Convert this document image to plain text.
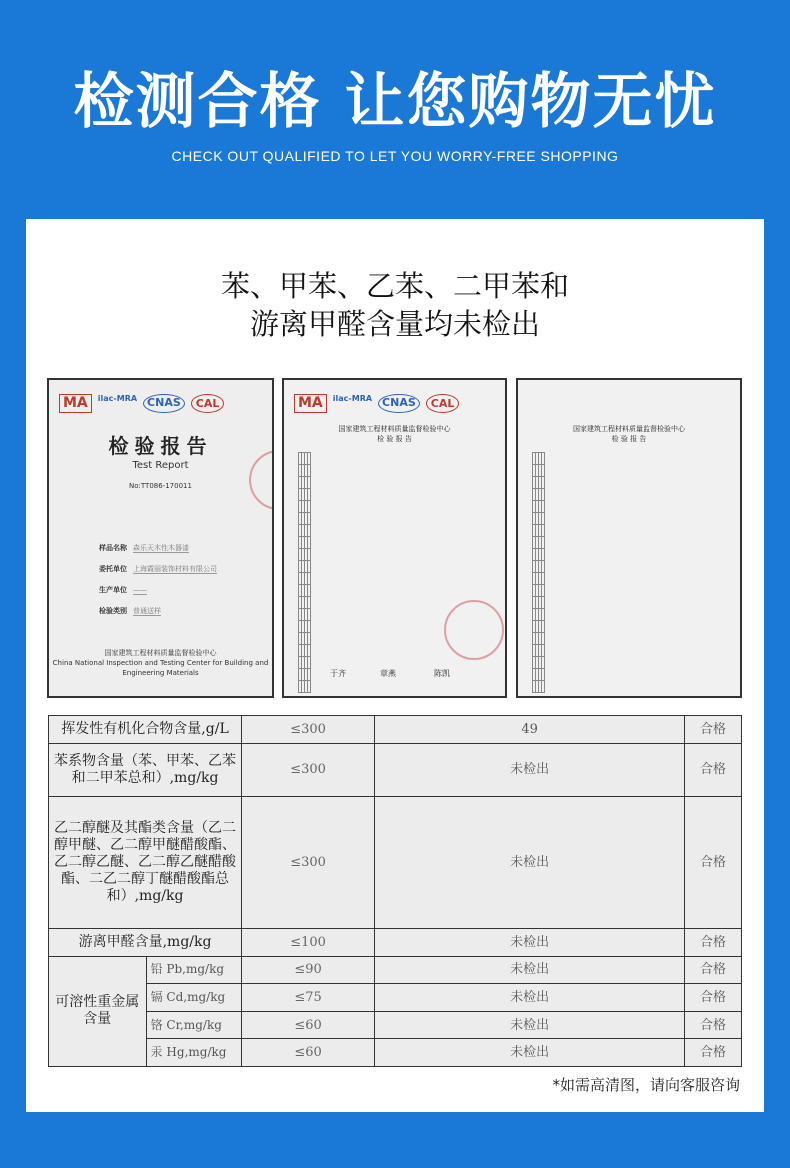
检测合格 让您购物无忧
CHECK OUT QUALIFIED TO LET YOU WORRY-FREE SHOPPING
苯、甲苯、乙苯、二甲苯和
游离甲醛含量均未检出
MA	ilac-MRA CNAS	CAL
检验报告
Test Report
No:TT086-170011
样品名称 森乐天木性木器漆
委托单位 上海霞丽装饰材料有限公司
生产单位 ——
检验类别 普通送样
国家建筑工程材料质量监督检验中心
China National Inspection and Testing Center for Building and Engineering Materials
MA	ilac-MRA CNAS	CAL
国家建筑工程材料质量监督检验中心
检 验 报 告

于齐	章燕	陈凯
国家建筑工程材料质量监督检验中心
检 验 报 告

挥发性有机化合物含量,g/L		≤300	49	合格
苯系物含量（苯、甲苯、乙苯和二甲苯总和）,mg/kg		≤300	未检出	合格
乙二醇醚及其酯类含量（乙二醇甲醚、乙二醇甲醚醋酸酯、乙二醇乙醚、乙二醇乙醚醋酸酯、二乙二醇丁醚醋酸酯总和）,mg/kg		≤300	未检出	合格
游离甲醛含量,mg/kg		≤100	未检出	合格
可溶性重金属含量	铅 Pb,mg/kg	≤90	未检出	合格
	镉 Cd,mg/kg	≤75	未检出	合格
	铬 Cr,mg/kg	≤60	未检出	合格
	汞 Hg,mg/kg	≤60	未检出	合格
*如需高清图，请向客服咨询
